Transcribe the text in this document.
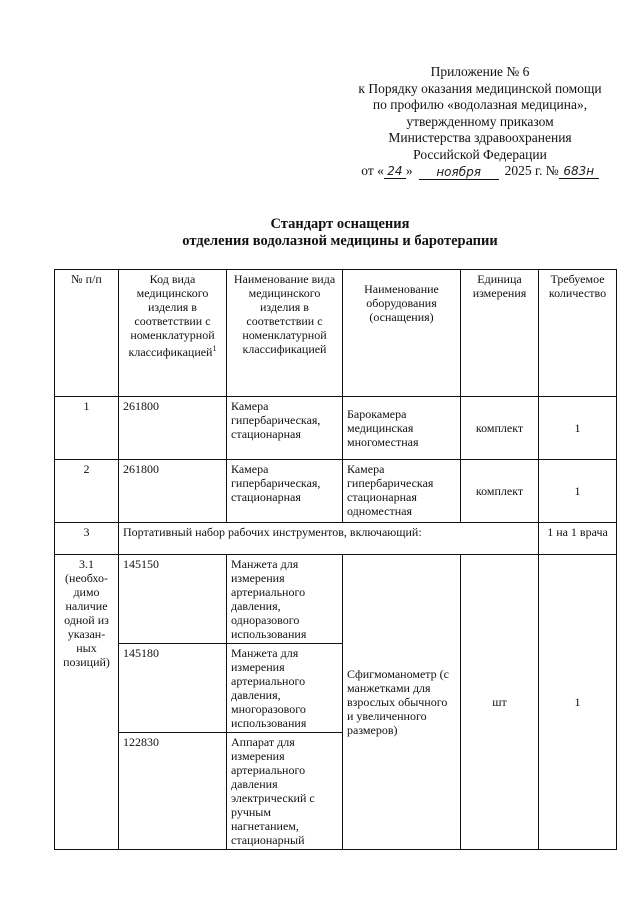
Приложение № 6
к Порядку оказания медицинской помощи
по профилю «водолазная медицина»,
утвержденному приказом
Министерства здравоохранения
Российской Федерации
от « 24 »	ноября	2025 г. № 683н
Стандарт оснащения
отделения водолазной медицины и баротерапии
№ п/п	Код вида медицинского изделия в соответствии с номенклатурной классификацией$^1$	Наименование вида медицинского изделия в соответствии с номенклатурной классификацией	Наименование оборудования (оснащения)	Единица измерения	Требуемое количество
1	261800	Камера гипербарическая, стационарная	Барокамера медицинская многоместная	комплект	1
2	261800	Камера гипербарическая, стационарная	Камера гипербарическая стационарная одноместная	комплект	1
3	Портативный набор рабочих инструментов, включающий:				1 на 1 врача
3.1 (необхо-димо наличие одной из указан-ных позиций)	145150	Манжета для измерения артериального давления, одноразового использования	Сфигмоманометр (с манжетками для взрослых обычного и увеличенного размеров)	шт	1
	145180	Манжета для измерения артериального давления, многоразового использования			
	122830	Аппарат для измерения артериального давления электрический с ручным нагнетанием, стационарный			
